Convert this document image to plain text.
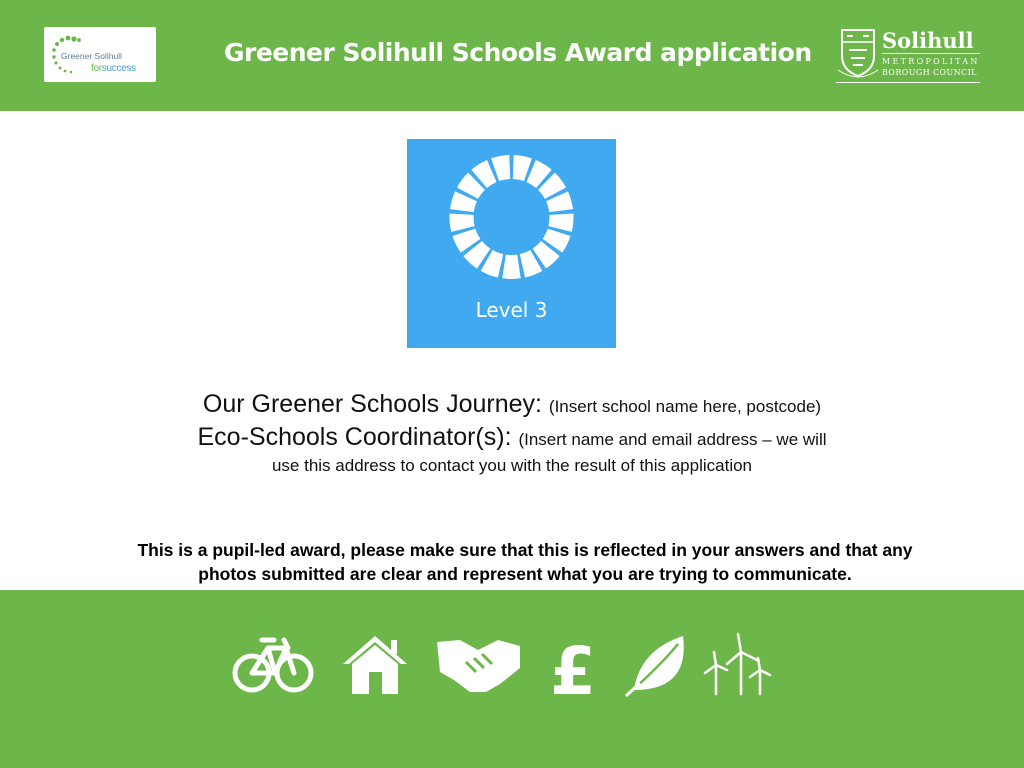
Greener Solihull
forsuccess
Greener Solihull Schools Award application	Solihull
METROPOLITAN
BOROUGH COUNCIL
Level 3
Our Greener Schools Journey: (Insert school name here, postcode)
Eco-Schools Coordinator(s): (Insert name and email address – we will
use this address to contact you with the result of this application
This is a pupil-led award, please make sure that this is reflected in your answers and that any
photos submitted are clear and represent what you are trying to communicate.
£
